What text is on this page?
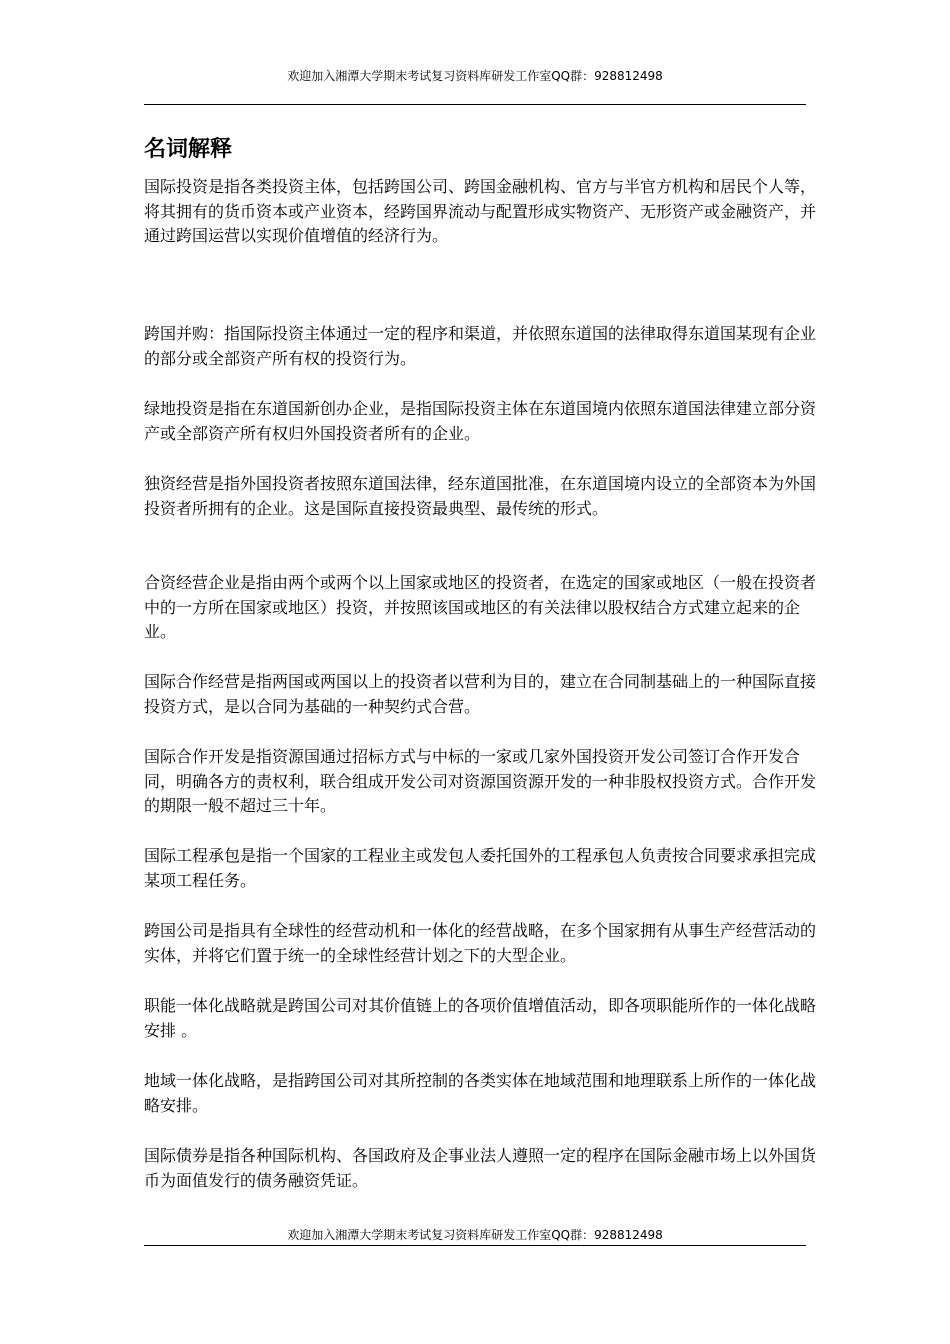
欢迎加入湘潭大学期末考试复习资料库研发工作室QQ群：928812498
名词解释

国际投资是指各类投资主体，包括跨国公司、跨国金融机构、官方与半官方机构和居民个人等，将其拥有的货币资本或产业资本，经跨国界流动与配置形成实物资产、无形资产或金融资产，并通过跨国运营以实现价值增值的经济行为。

跨国并购：指国际投资主体通过一定的程序和渠道，并依照东道国的法律取得东道国某现有企业的部分或全部资产所有权的投资行为。

绿地投资是指在东道国新创办企业，是指国际投资主体在东道国境内依照东道国法律建立部分资产或全部资产所有权归外国投资者所有的企业。

独资经营是指外国投资者按照东道国法律，经东道国批准，在东道国境内设立的全部资本为外国投资者所拥有的企业。这是国际直接投资最典型、最传统的形式。

合资经营企业是指由两个或两个以上国家或地区的投资者，在选定的国家或地区（一般在投资者中的一方所在国家或地区）投资，并按照该国或地区的有关法律以股权结合方式建立起来的企业。

国际合作经营是指两国或两国以上的投资者以营利为目的，建立在合同制基础上的一种国际直接投资方式，是以合同为基础的一种契约式合营。

国际合作开发是指资源国通过招标方式与中标的一家或几家外国投资开发公司签订合作开发合同，明确各方的责权利，联合组成开发公司对资源国资源开发的一种非股权投资方式。合作开发的期限一般不超过三十年。

国际工程承包是指一个国家的工程业主或发包人委托国外的工程承包人负责按合同要求承担完成某项工程任务。

跨国公司是指具有全球性的经营动机和一体化的经营战略，在多个国家拥有从事生产经营活动的实体，并将它们置于统一的全球性经营计划之下的大型企业。

职能一体化战略就是跨国公司对其价值链上的各项价值增值活动，即各项职能所作的一体化战略安排 。

地域一体化战略，是指跨国公司对其所控制的各类实体在地域范围和地理联系上所作的一体化战略安排。

国际债券是指各种国际机构、各国政府及企事业法人遵照一定的程序在国际金融市场上以外国货币为面值发行的债务融资凭证。

欢迎加入湘潭大学期末考试复习资料库研发工作室QQ群：928812498
